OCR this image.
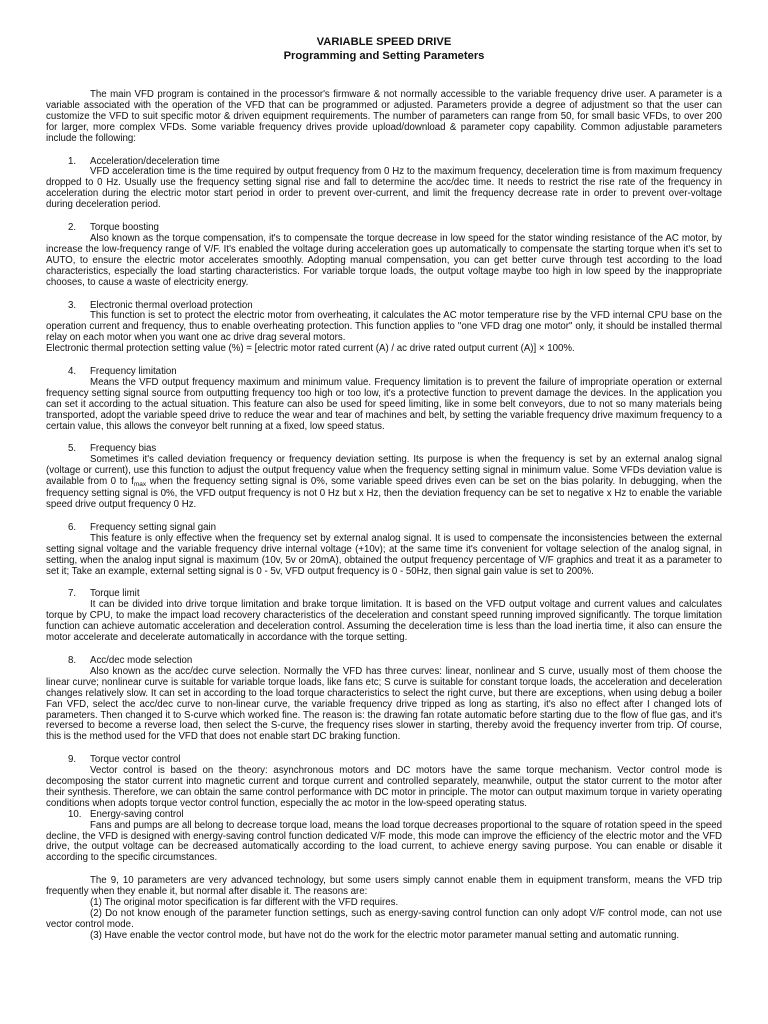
VARIABLE SPEED DRIVE
Programming and Setting Parameters

The main VFD program is contained in the processor's firmware & not normally accessible to the variable frequency drive user. A parameter is a variable associated with the operation of the VFD that can be programmed or adjusted. Parameters provide a degree of adjustment so that the user can customize the VFD to suit specific motor & driven equipment requirements. The number of parameters can range from 50, for small basic VFDs, to over 200 for larger, more complex VFDs. Some variable frequency drives provide upload/download & parameter copy capability. Common adjustable parameters include the following:

1.	Acceleration/deceleration time

VFD acceleration time is the time required by output frequency from 0 Hz to the maximum frequency, deceleration time is from maximum frequency dropped to 0 Hz. Usually use the frequency setting signal rise and fall to determine the acc/dec time. It needs to restrict the rise rate of the frequency in acceleration during the electric motor start period in order to prevent over-current, and limit the frequency decrease rate in order to prevent over-voltage during deceleration period.

2.	Torque boosting

Also known as the torque compensation, it's to compensate the torque decrease in low speed for the stator winding resistance of the AC motor, by increase the low-frequency range of V/F. It's enabled the voltage during acceleration goes up automatically to compensate the starting torque when it's set to AUTO, to ensure the electric motor accelerates smoothly. Adopting manual compensation, you can get better curve through test according to the load characteristics, especially the load starting characteristics. For variable torque loads, the output voltage maybe too high in low speed by the inappropriate chooses, to cause a waste of electricity energy.

3.	Electronic thermal overload protection

This function is set to protect the electric motor from overheating, it calculates the AC motor temperature rise by the VFD internal CPU base on the operation current and frequency, thus to enable overheating protection. This function applies to "one VFD drag one motor" only, it should be installed thermal relay on each motor when you want one ac drive drag several motors.

Electronic thermal protection setting value (%) = [electric motor rated current (A) / ac drive rated output current (A)] × 100%.

4.	Frequency limitation

Means the VFD output frequency maximum and minimum value. Frequency limitation is to prevent the failure of impropriate operation or external frequency setting signal source from outputting frequency too high or too low, it's a protective function to prevent damage the devices. In the application you can set it according to the actual situation. This feature can also be used for speed limiting, like in some belt conveyors, due to not so many materials being transported, adopt the variable speed drive to reduce the wear and tear of machines and belt, by setting the variable frequency drive maximum frequency to a certain value, this allows the conveyor belt running at a fixed, low speed status.

5.	Frequency bias

Sometimes it's called deviation frequency or frequency deviation setting. Its purpose is when the frequency is set by an external analog signal (voltage or current), use this function to adjust the output frequency value when the frequency setting signal in minimum value. Some VFDs deviation value is available from 0 to $f_{max}$ when the frequency setting signal is 0%, some variable speed drives even can be set on the bias polarity. In debugging, when the frequency setting signal is 0%, the VFD output frequency is not 0 Hz but x Hz, then the deviation frequency can be set to negative x Hz to enable the variable speed drive output frequency 0 Hz.

6.	Frequency setting signal gain

This feature is only effective when the frequency set by external analog signal. It is used to compensate the inconsistencies between the external setting signal voltage and the variable frequency drive internal voltage (+10v); at the same time it's convenient for voltage selection of the analog signal, in setting, when the analog input signal is maximum (10v, 5v or 20mA), obtained the output frequency percentage of V/F graphics and treat it as a parameter to set it; Take an example, external setting signal is 0 - 5v, VFD output frequency is 0 - 50Hz, then signal gain value is set to 200%.

7.	Torque limit

It can be divided into drive torque limitation and brake torque limitation. It is based on the VFD output voltage and current values and calculates torque by CPU, to make the impact load recovery characteristics of the deceleration and constant speed running improved significantly. The torque limitation function can achieve automatic acceleration and deceleration control. Assuming the deceleration time is less than the load inertia time, it also can ensure the motor accelerate and decelerate automatically in accordance with the torque setting.

8.	Acc/dec mode selection

Also known as the acc/dec curve selection. Normally the VFD has three curves: linear, nonlinear and S curve, usually most of them choose the linear curve; nonlinear curve is suitable for variable torque loads, like fans etc; S curve is suitable for constant torque loads, the acceleration and deceleration changes relatively slow. It can set in according to the load torque characteristics to select the right curve, but there are exceptions, when using debug a boiler Fan VFD, select the acc/dec curve to non-linear curve, the variable frequency drive tripped as long as starting, it's also no effect after I changed lots of parameters. Then changed it to S-curve which worked fine. The reason is: the drawing fan rotate automatic before starting due to the flow of flue gas, and it's reversed to become a reverse load, then select the S-curve, the frequency rises slower in starting, thereby avoid the frequency inverter from trip. Of course, this is the method used for the VFD that does not enable start DC braking function.

9.	Torque vector control

Vector control is based on the theory: asynchronous motors and DC motors have the same torque mechanism. Vector control mode is decomposing the stator current into magnetic current and torque current and controlled separately, meanwhile, output the stator current to the motor after their synthesis. Therefore, we can obtain the same control performance with DC motor in principle. The motor can output maximum torque in variety operating conditions when adopts torque vector control function, especially the ac motor in the low-speed operating status.

10. Energy-saving control

Fans and pumps are all belong to decrease torque load, means the load torque decreases proportional to the square of rotation speed in the speed decline, the VFD is designed with energy-saving control function dedicated V/F mode, this mode can improve the efficiency of the electric motor and the VFD drive, the output voltage can be decreased automatically according to the load current, to achieve energy saving purpose. You can enable or disable it according to the specific circumstances.

The 9, 10 parameters are very advanced technology, but some users simply cannot enable them in equipment transform, means the VFD trip frequently when they enable it, but normal after disable it. The reasons are:

(1) The original motor specification is far different with the VFD requires.

(2) Do not know enough of the parameter function settings, such as energy-saving control function can only adopt V/F control mode, can not use vector control mode.

(3) Have enable the vector control mode, but have not do the work for the electric motor parameter manual setting and automatic running.
